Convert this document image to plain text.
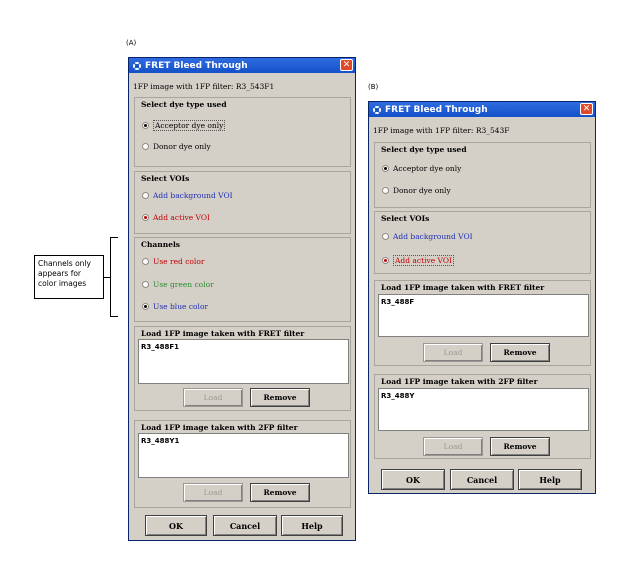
(A)
(B)
Channels only appears for color images
FRET Bleed Through	✕
1FP image with 1FP filter: R3_543F1
Select dye type used
Acceptor dye only
Donor dye only
Select VOIs
Add background VOI
Add active VOI
Channels
Use red color
Use green color
Use blue color
Load 1FP image taken with FRET filter
R3_488F1
Load	Remove
Load 1FP image taken with 2FP filter
R3_488Y1
Load	Remove
OK	Cancel	Help
FRET Bleed Through	✕
1FP image with 1FP filter: R3_543F
Select dye type used
Acceptor dye only
Donor dye only
Select VOIs
Add background VOI
Add active VOI
Load 1FP image taken with FRET filter
R3_488F
Load	Remove
Load 1FP image taken with 2FP filter
R3_488Y
Load	Remove
OK	Cancel	Help
